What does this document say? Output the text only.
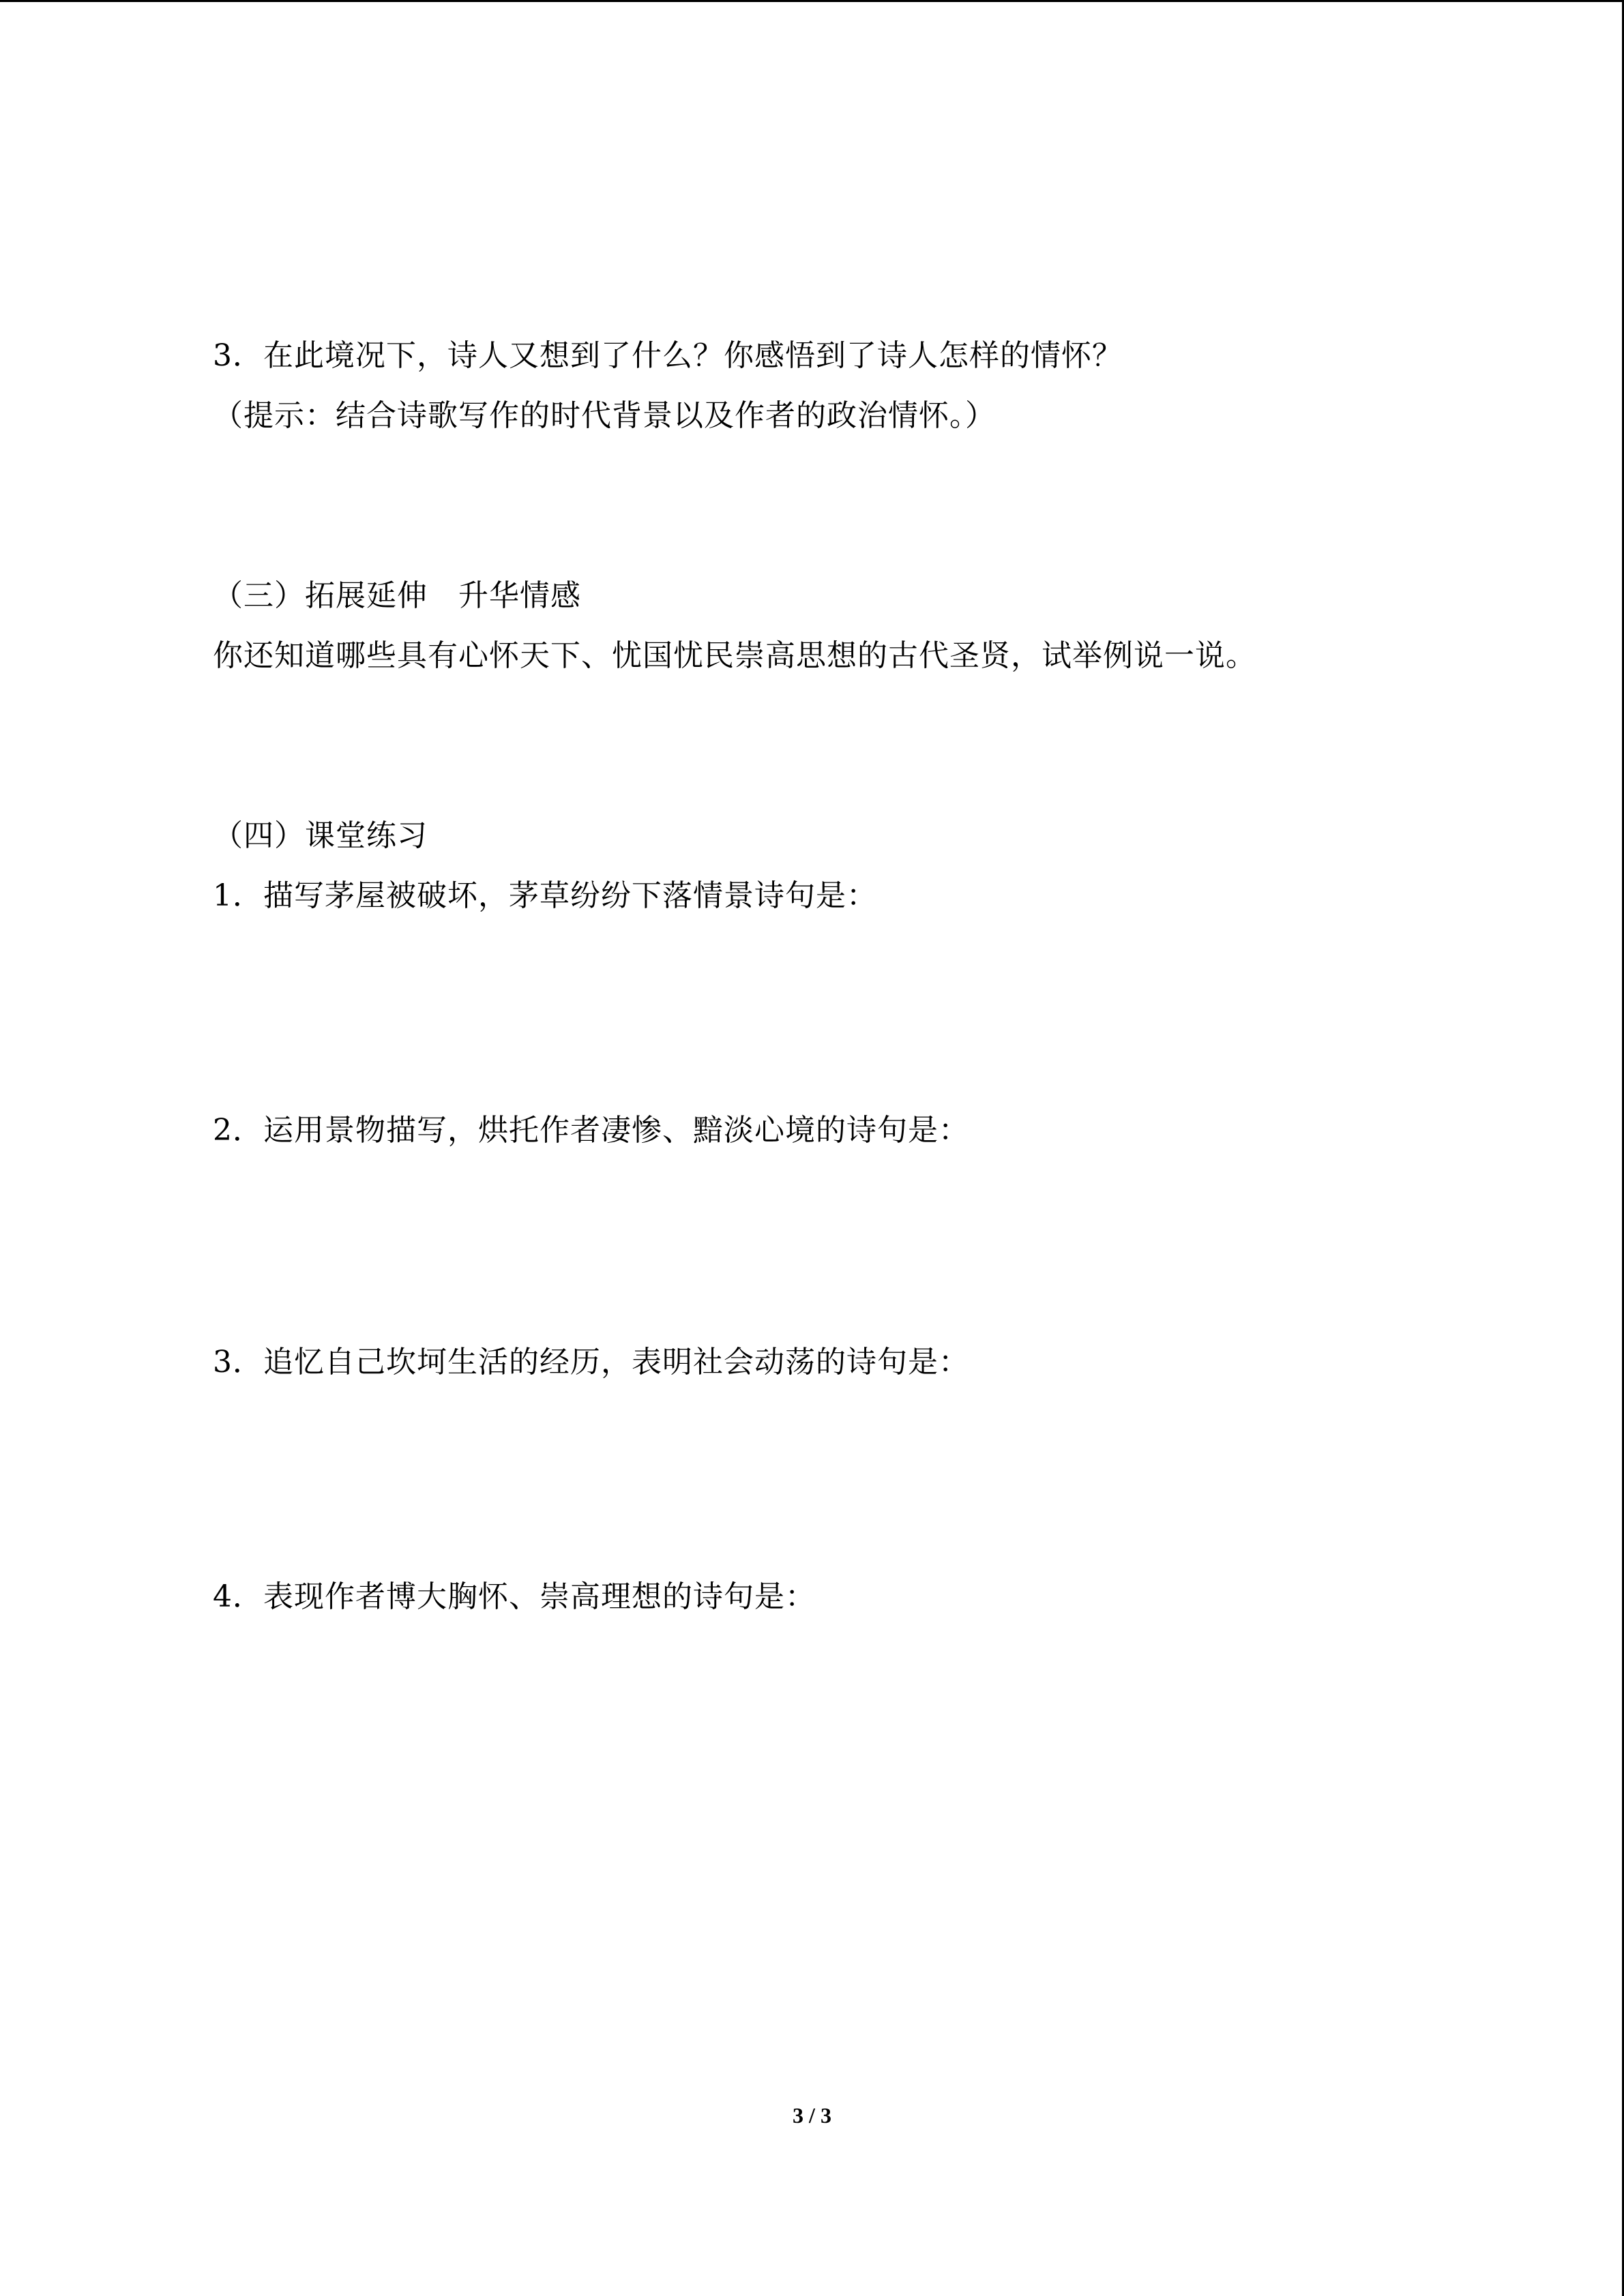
3．在此境况下，诗人又想到了什么？你感悟到了诗人怎样的情怀？
（提示：结合诗歌写作的时代背景以及作者的政治情怀。）
（三）拓展延伸　升华情感
你还知道哪些具有心怀天下、忧国忧民崇高思想的古代圣贤，试举例说一说。
（四）课堂练习
1．描写茅屋被破坏，茅草纷纷下落情景诗句是：
2．运用景物描写，烘托作者凄惨、黯淡心境的诗句是：
3．追忆自己坎坷生活的经历，表明社会动荡的诗句是：
4．表现作者博大胸怀、崇高理想的诗句是：
3 / 3
